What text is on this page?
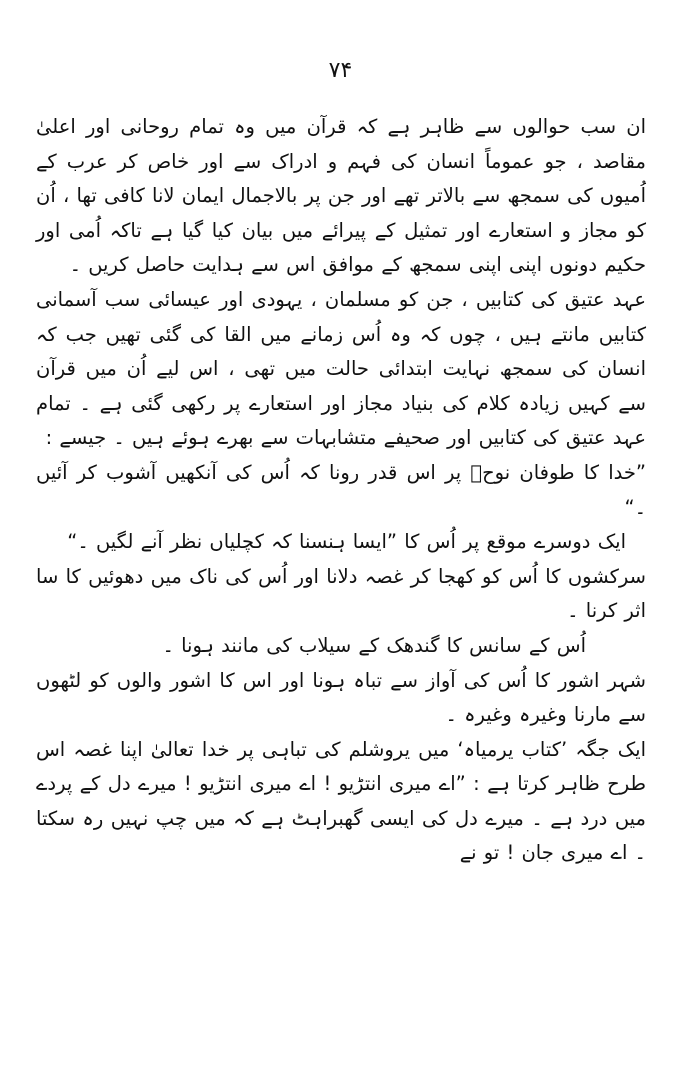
۷۴

ان سب حوالوں سے ظاہر ہے کہ قرآن میں وہ تمام روحانی اور اعلیٰ مقاصد ، جو عموماً انسان کی فہم و ادراک سے اور خاص کر عرب کے اُمیوں کی سمجھ سے بالاتر تھے اور جن پر بالاجمال ایمان لانا کافی تھا ، اُن کو مجاز و استعارے اور تمثیل کے پیرائے میں بیان کیا گیا ہے تاکہ اُمی اور حکیم دونوں اپنی اپنی سمجھ کے موافق اس سے ہدایت حاصل کریں ۔

عہد عتیق کی کتابیں ، جن کو مسلمان ، یہودی اور عیسائی سب آسمانی کتابیں مانتے ہیں ، چوں کہ وہ اُس زمانے میں القا کی گئی تھیں جب کہ انسان کی سمجھ نہایت ابتدائی حالت میں تھی ، اس لیے اُن میں قرآن سے کہیں زیادہ کلام کی بنیاد مجاز اور استعارے پر رکھی گئی ہے ۔ تمام عہد عتیق کی کتابیں اور صحیفے متشابہات سے بھرے ہوئے ہیں ۔ جیسے :

”خدا کا طوفان نوحؑ پر اس قدر رونا کہ اُس کی آنکھیں آشوب کر آئیں ۔“

ایک دوسرے موقع پر اُس کا ”ایسا ہنسنا کہ کچلیاں نظر آنے لگیں ۔“

سرکشوں کا اُس کو کھجا کر غصہ دلانا اور اُس کی ناک میں دھوئیں کا سا اثر کرنا ۔

اُس کے سانس کا گندھک کے سیلاب کی مانند ہونا ۔

شہر اشور کا اُس کی آواز سے تباہ ہونا اور اس کا اشور والوں کو لٹھوں سے مارنا وغیرہ وغیرہ ۔

ایک جگہ ’کتاب یرمیاہ‘ میں یروشلم کی تباہی پر خدا تعالیٰ اپنا غصہ اس طرح ظاہر کرتا ہے : ”اے میری انتڑیو ! اے میری انتڑیو ! میرے دل کے پردے میں درد ہے ۔ میرے دل کی ایسی گھبراہٹ ہے کہ میں چپ نہیں رہ سکتا ۔ اے میری جان ! تو نے
